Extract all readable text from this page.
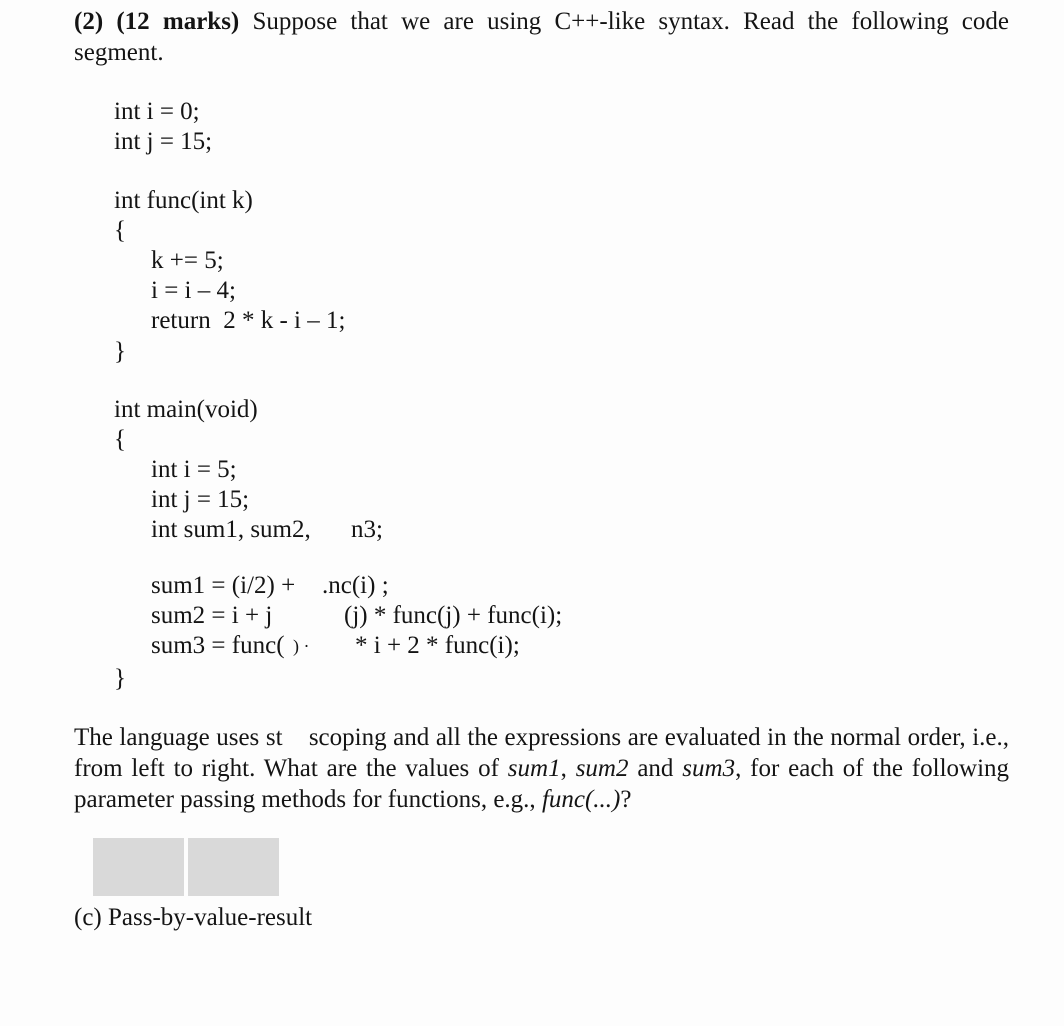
(2) (12 marks) Suppose that we are using C++-like syntax. Read the following code segment.

int i = 0;
int j = 15;
int func(int k)
{
k += 5;
i = i – 4;
return  2 * k - i – 1;
}
int main(void)
{
int i = 5;
int j = 15;
int sum1, sum2, n3;
sum1 = (i/2) + .nc(i) ;
sum2 = i + j	(j) * func(j) + func(i);
sum3 = func( ) · * i + 2 * func(i);
}

The language uses st scoping and all the expressions are evaluated in the normal order, i.e., from left to right. What are the values of sum1, sum2 and sum3, for each of the following parameter passing methods for functions, e.g., func(...)?

(c) Pass-by-value-result
